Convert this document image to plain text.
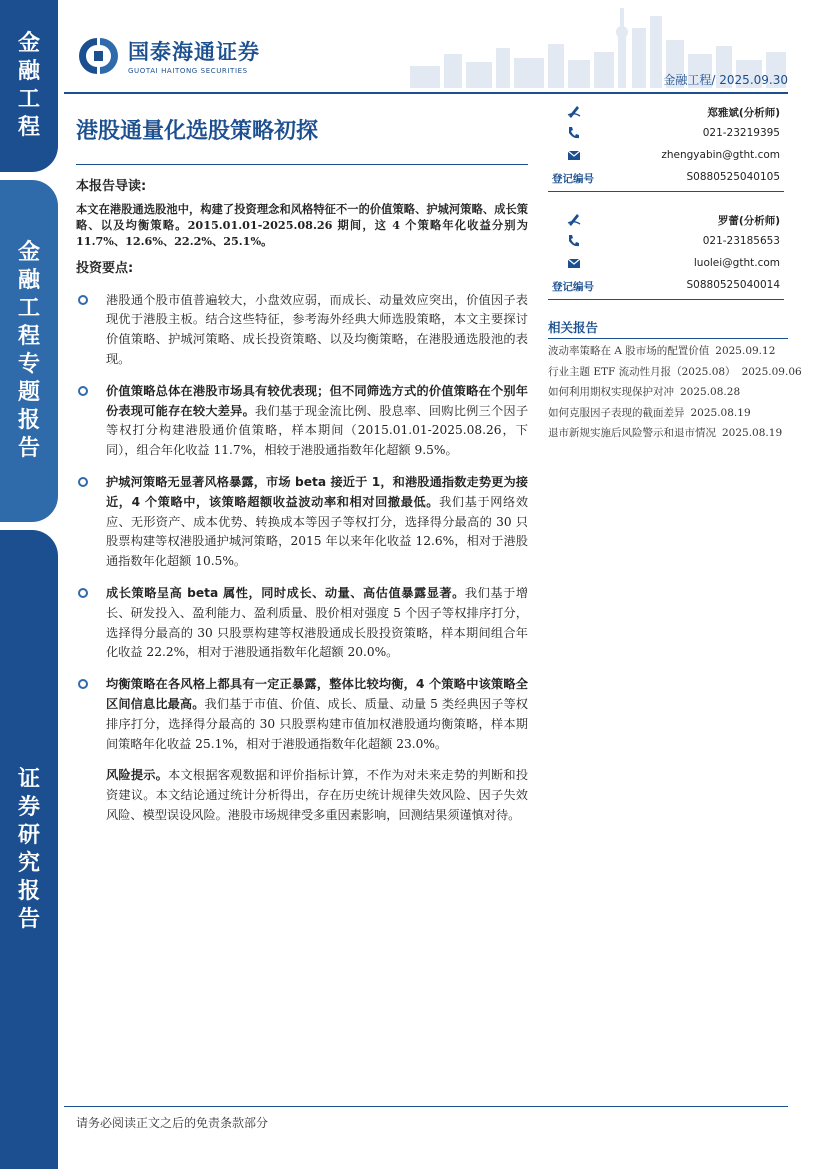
金
融
工
程
金
融
工
程
专
题
报
告
证
券
研
究
报
告
国泰海通证券
GUOTAI HAITONG SECURITIES
金融工程/ 2025.09.30
港股通量化选股策略初探
本报告导读:
本文在港股通选股池中，构建了投资理念和风格特征不一的价值策略、护城河策略、成长策略、以及均衡策略。2015.01.01-2025.08.26 期间，这 4 个策略年化收益分别为 11.7%、12.6%、22.2%、25.1%。
投资要点:
港股通个股市值普遍较大，小盘效应弱，而成长、动量效应突出，价值因子表现优于港股主板。结合这些特征，参考海外经典大师选股策略，本文主要探讨价值策略、护城河策略、成长投资策略、以及均衡策略，在港股通选股池的表现。
价值策略总体在港股市场具有较优表现；但不同筛选方式的价值策略在个别年份表现可能存在较大差异。我们基于现金流比例、股息率、回购比例三个因子等权打分构建港股通价值策略，样本期间（2015.01.01-2025.08.26，下同），组合年化收益 11.7%，相较于港股通指数年化超额 9.5%。
护城河策略无显著风格暴露，市场 beta 接近于 1，和港股通指数走势更为接近，4 个策略中，该策略超额收益波动率和相对回撤最低。我们基于网络效应、无形资产、成本优势、转换成本等因子等权打分，选择得分最高的 30 只股票构建等权港股通护城河策略，2015 年以来年化收益 12.6%，相对于港股通指数年化超额 10.5%。
成长策略呈高 beta 属性，同时成长、动量、高估值暴露显著。我们基于增长、研发投入、盈利能力、盈利质量、股价相对强度 5 个因子等权排序打分，选择得分最高的 30 只股票构建等权港股通成长股投资策略，样本期间组合年化收益 22.2%，相对于港股通指数年化超额 20.0%。
均衡策略在各风格上都具有一定正暴露，整体比较均衡，4 个策略中该策略全区间信息比最高。我们基于市值、价值、成长、质量、动量 5 类经典因子等权排序打分，选择得分最高的 30 只股票构建市值加权港股通均衡策略，样本期间策略年化收益 25.1%，相对于港股通指数年化超额 23.0%。
风险提示。本文根据客观数据和评价指标计算，不作为对未来走势的判断和投资建议。本文结论通过统计分析得出，存在历史统计规律失效风险、因子失效风险、模型误设风险。港股市场规律受多重因素影响，回测结果须谨慎对待。
郑雅斌(分析师)
021-23219395
zhengyabin@gtht.com
登记编号	S0880525040105
罗蕾(分析师)
021-23185653
luolei@gtht.com
登记编号	S0880525040014
相关报告
波动率策略在 A 股市场的配置价值 2025.09.12
行业主题 ETF 流动性月报（2025.08） 2025.09.06
如何利用期权实现保护对冲 2025.08.28
如何克服因子表现的截面差异 2025.08.19
退市新规实施后风险警示和退市情况 2025.08.19
请务必阅读正文之后的免责条款部分
